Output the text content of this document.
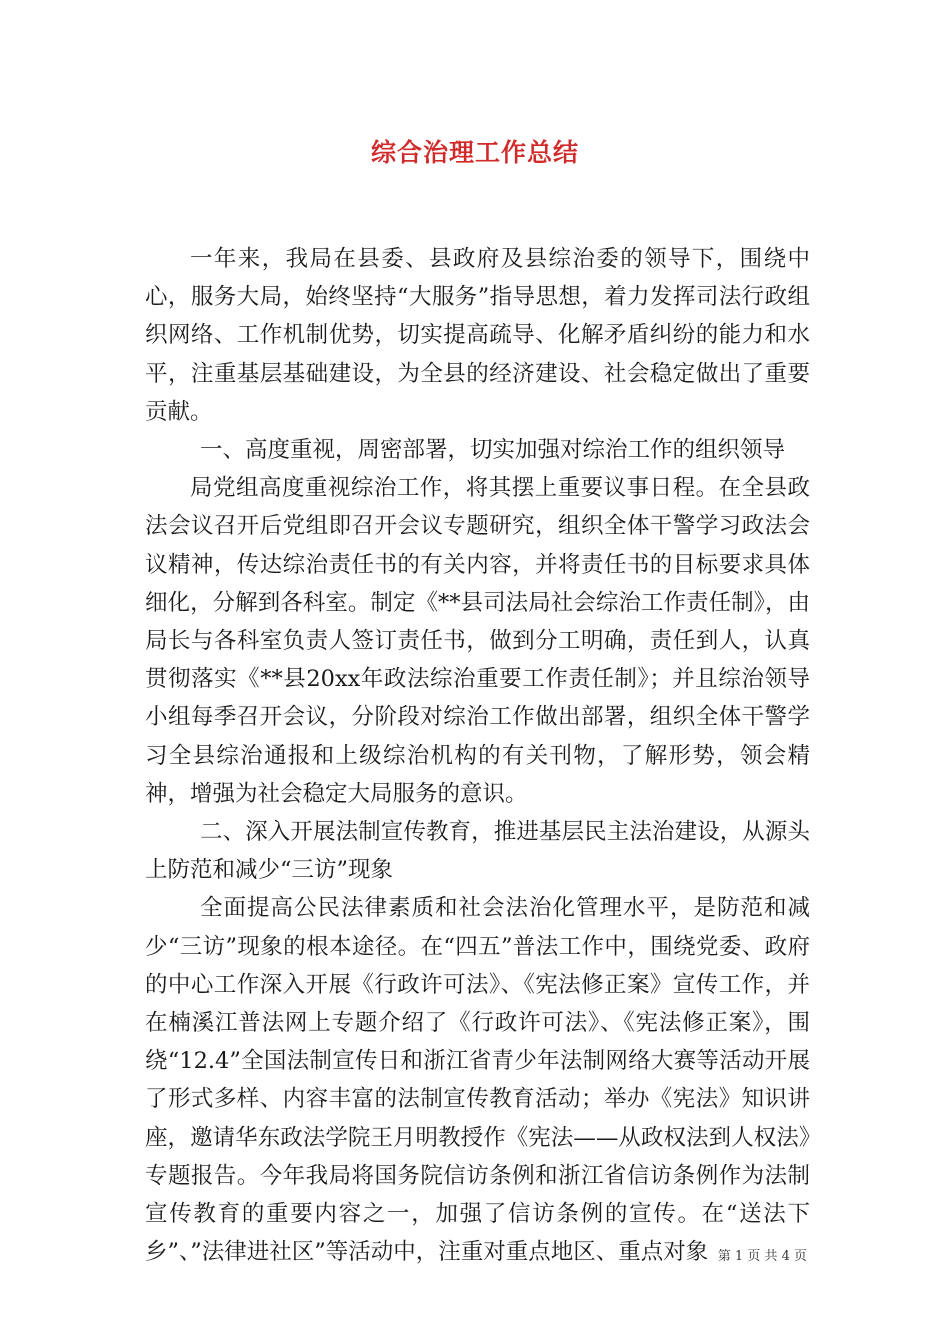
综合治理工作总结

一年来，我局在县委、县政府及县综治委的领导下，围绕中心，服务大局，始终坚持“大服务”指导思想，着力发挥司法行政组织网络、工作机制优势，切实提高疏导、化解矛盾纠纷的能力和水平，注重基层基础建设，为全县的经济建设、社会稳定做出了重要贡献。

一、高度重视，周密部署，切实加强对综治工作的组织领导

局党组高度重视综治工作，将其摆上重要议事日程。在全县政法会议召开后党组即召开会议专题研究，组织全体干警学习政法会议精神，传达综治责任书的有关内容，并将责任书的目标要求具体细化，分解到各科室。制定《**县司法局社会综治工作责任制》，由局长与各科室负责人签订责任书，做到分工明确，责任到人，认真贯彻落实《**县20xx年政法综治重要工作责任制》；并且综治领导小组每季召开会议，分阶段对综治工作做出部署，组织全体干警学习全县综治通报和上级综治机构的有关刊物，了解形势，领会精神，增强为社会稳定大局服务的意识。

二、深入开展法制宣传教育，推进基层民主法治建设，从源头上防范和减少“三访”现象

全面提高公民法律素质和社会法治化管理水平，是防范和减少“三访”现象的根本途径。在“四五”普法工作中，围绕党委、政府的中心工作深入开展《行政许可法》、《宪法修正案》宣传工作，并在楠溪江普法网上专题介绍了《行政许可法》、《宪法修正案》，围绕“12.4”全国法制宣传日和浙江省青少年法制网络大赛等活动开展了形式多样、内容丰富的法制宣传教育活动；举办《宪法》知识讲座，邀请华东政法学院王月明教授作《宪法——从政权法到人权法》专题报告。今年我局将国务院信访条例和浙江省信访条例作为法制宣传教育的重要内容之一，加强了信访条例的宣传。在“送法下乡”、”法律进社区”等活动中，注重对重点地区、重点对象 第 1 页 共 4 页
